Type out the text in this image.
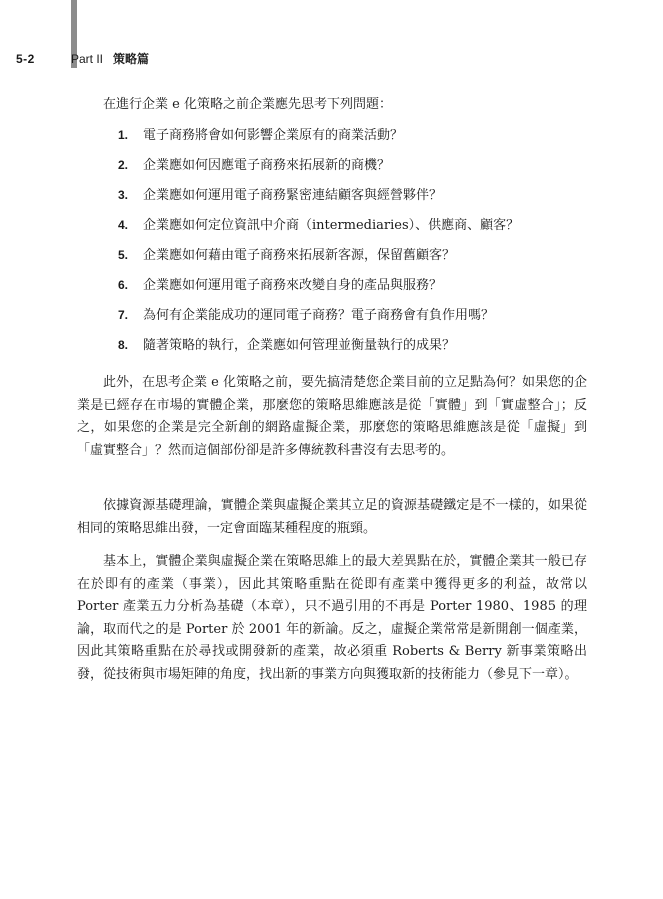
5-2	Part II 策略篇
在進行企業 e 化策略之前企業應先思考下列問題：
1. 電子商務將會如何影響企業原有的商業活動？
2. 企業應如何因應電子商務來拓展新的商機？
3. 企業應如何運用電子商務緊密連結顧客與經營夥伴？
4. 企業應如何定位資訊中介商（intermediaries）、供應商、顧客？
5. 企業應如何藉由電子商務來拓展新客源，保留舊顧客？
6. 企業應如何運用電子商務來改變自身的產品與服務？
7. 為何有企業能成功的運同電子商務？電子商務會有負作用嗎？
8. 隨著策略的執行，企業應如何管理並衡量執行的成果？

此外，在思考企業 e 化策略之前，要先搞清楚您企業目前的立足點為何？如果您的企業是已經存在市場的實體企業，那麼您的策略思維應該是從「實體」到「實虛整合」；反之，如果您的企業是完全新創的網路虛擬企業，那麼您的策略思維應該是從「虛擬」到「虛實整合」？然而這個部份卻是許多傳統教科書沒有去思考的。

依據資源基礎理論，實體企業與虛擬企業其立足的資源基礎鐵定是不一樣的，如果從相同的策略思維出發，一定會面臨某種程度的瓶頸。

基本上，實體企業與虛擬企業在策略思維上的最大差異點在於，實體企業其一般已存在於即有的產業（事業），因此其策略重點在從即有產業中獲得更多的利益，故常以 Porter 產業五力分析為基礎（本章），只不過引用的不再是 Porter 1980、1985 的理論，取而代之的是 Porter 於 2001 年的新論。反之，虛擬企業常常是新開創一個產業，因此其策略重點在於尋找或開發新的產業，故必須重 Roberts & Berry 新事業策略出發，從技術與市場矩陣的角度，找出新的事業方向與獲取新的技術能力（參見下一章）。
